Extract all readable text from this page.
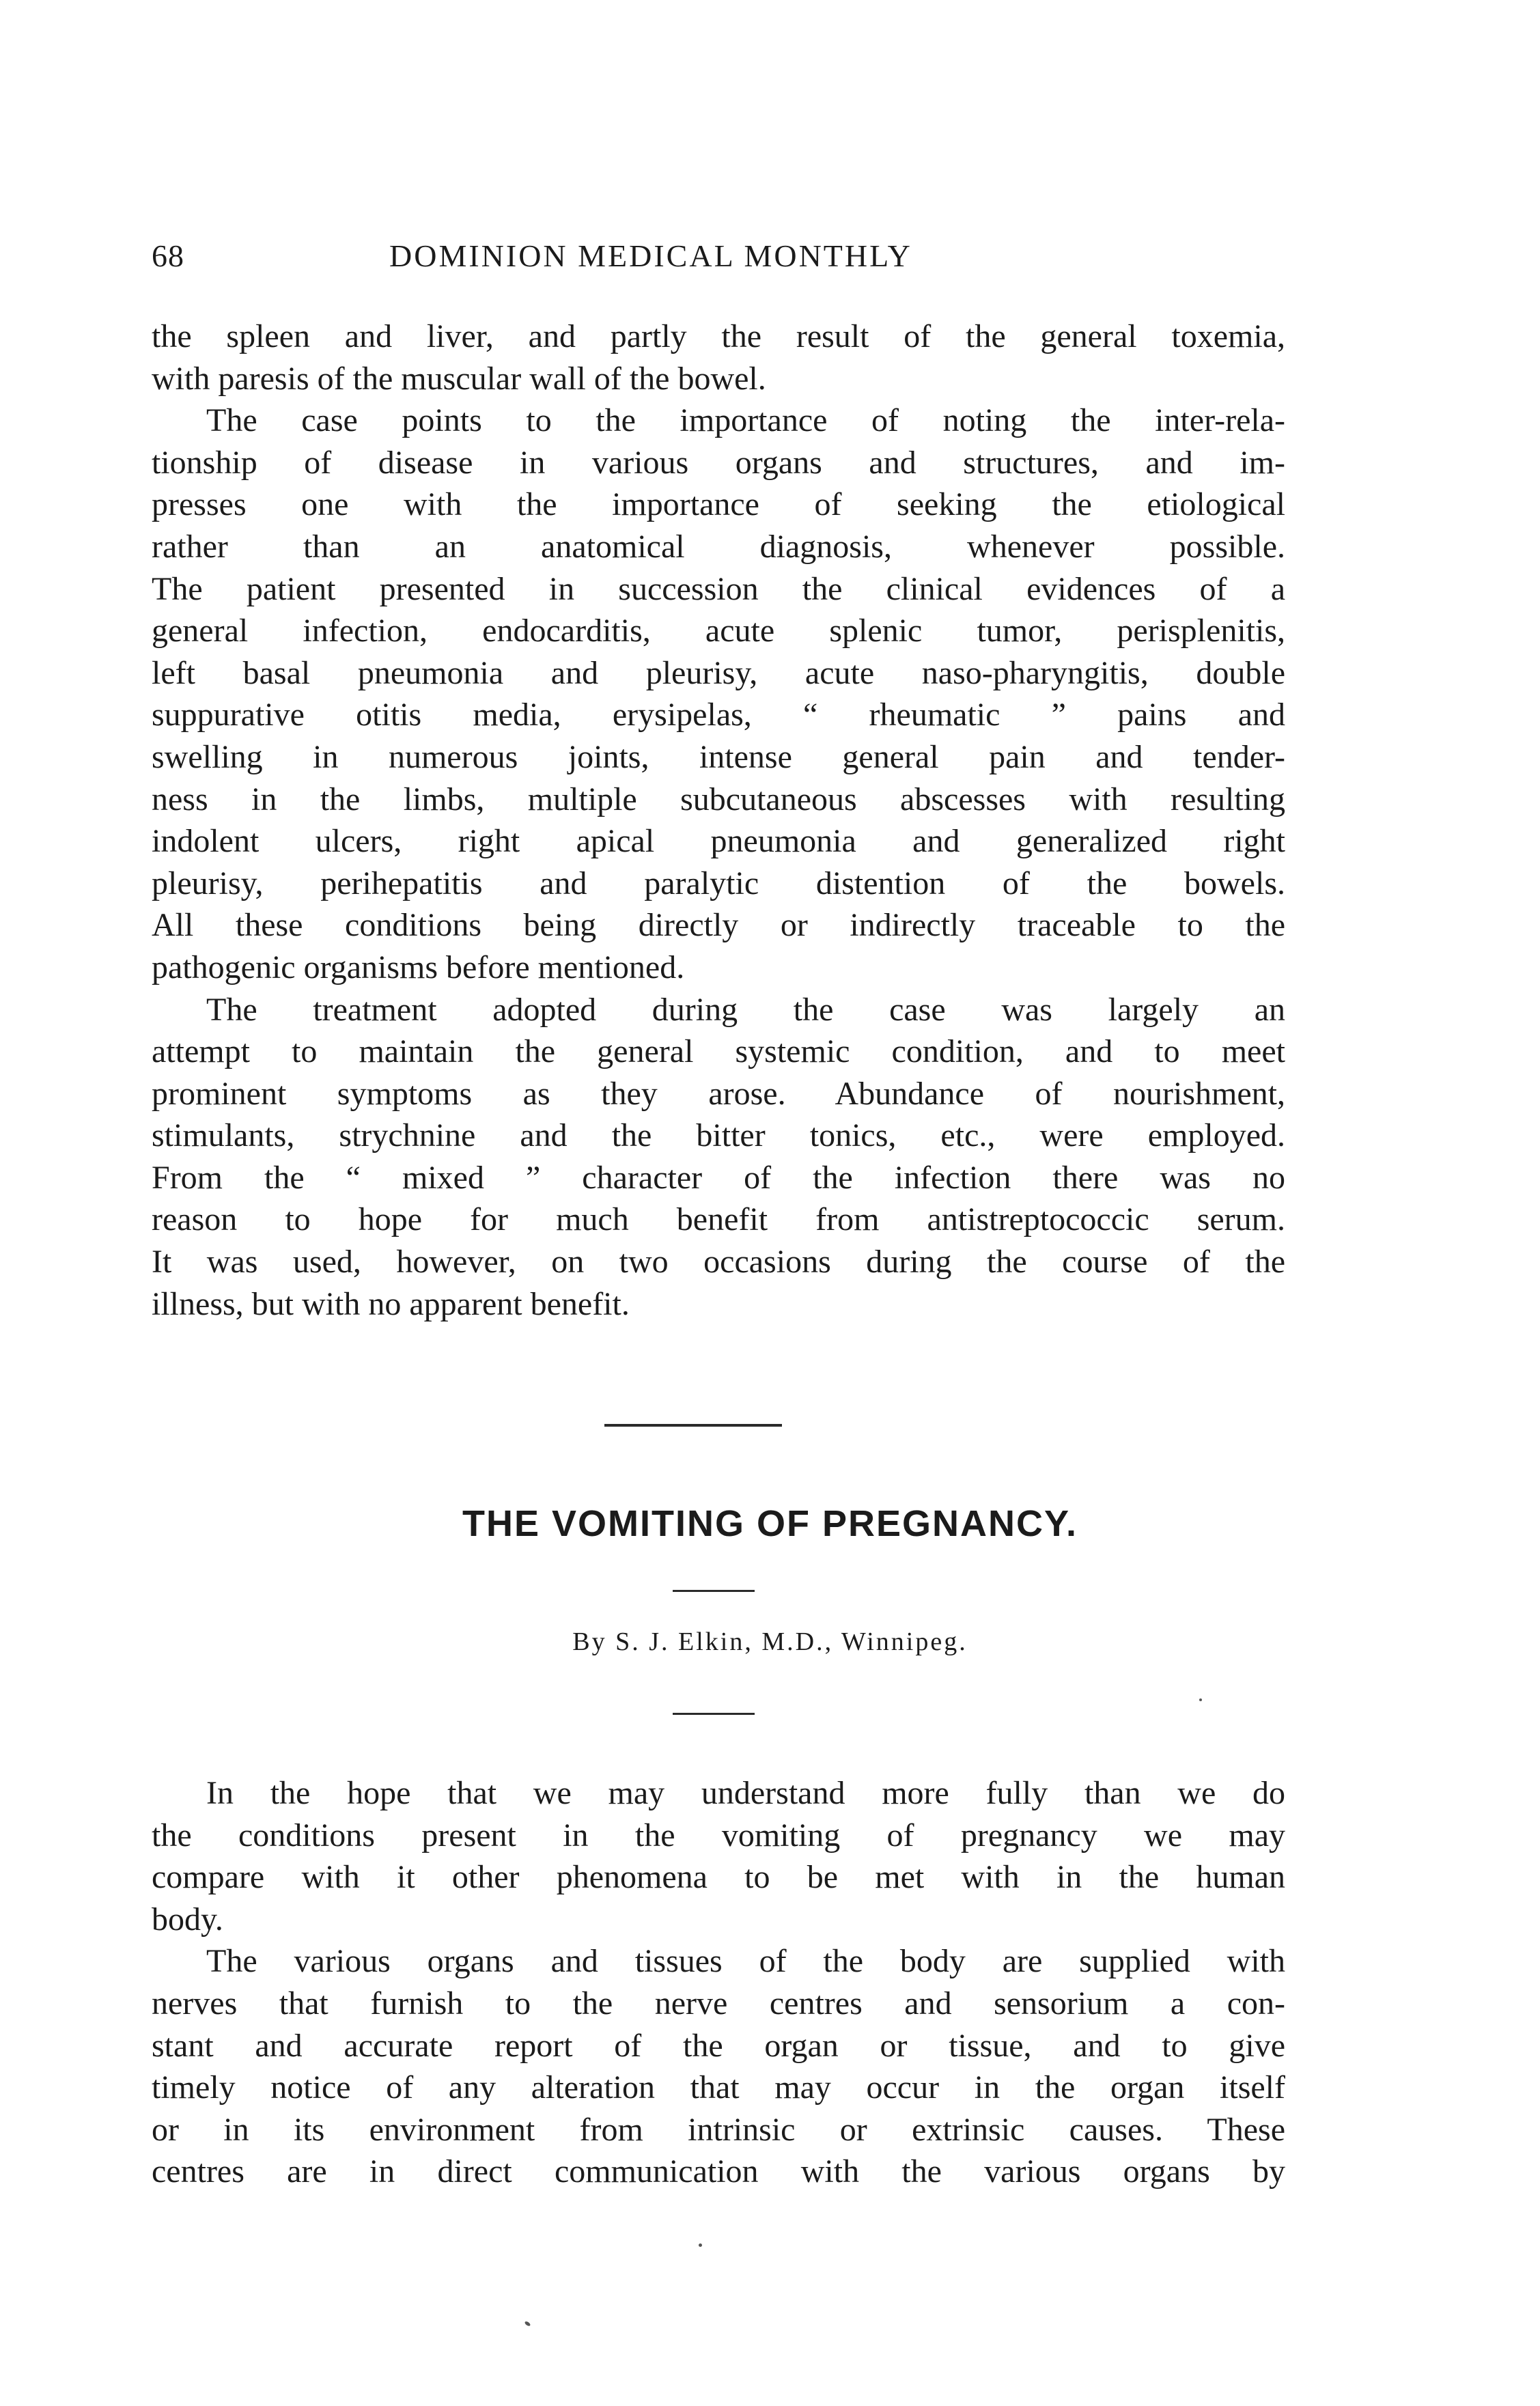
68	DOMINION MEDICAL MONTHLY

the spleen and liver, and partly the result of the general toxemia,

with paresis of the muscular wall of the bowel.

The case points to the importance of noting the inter-rela-

tionship of disease in various organs and structures, and im-

presses one with the importance of seeking the etiological

rather than an anatomical diagnosis, whenever possible.

The patient presented in succession the clinical evidences of a

general infection, endocarditis, acute splenic tumor, perisplenitis,

left basal pneumonia and pleurisy, acute naso-pharyngitis, double

suppurative otitis media, erysipelas, “ rheumatic ” pains and

swelling in numerous joints, intense general pain and tender-

ness in the limbs, multiple subcutaneous abscesses with resulting

indolent ulcers, right apical pneumonia and generalized right

pleurisy, perihepatitis and paralytic distention of the bowels.

All these conditions being directly or indirectly traceable to the

pathogenic organisms before mentioned.

The treatment adopted during the case was largely an

attempt to maintain the general systemic condition, and to meet

prominent symptoms as they arose. Abundance of nourishment,

stimulants, strychnine and the bitter tonics, etc., were employed.

From the “ mixed ” character of the infection there was no

reason to hope for much benefit from antistreptococcic serum.

It was used, however, on two occasions during the course of the

illness, but with no apparent benefit.

THE VOMITING OF PREGNANCY.
By S. J. Elkin, M.D., Winnipeg.

In the hope that we may understand more fully than we do

the conditions present in the vomiting of pregnancy we may

compare with it other phenomena to be met with in the human

body.

The various organs and tissues of the body are supplied with

nerves that furnish to the nerve centres and sensorium a con-

stant and accurate report of the organ or tissue, and to give

timely notice of any alteration that may occur in the organ itself

or in its environment from intrinsic or extrinsic causes. These

centres are in direct communication with the various organs by
